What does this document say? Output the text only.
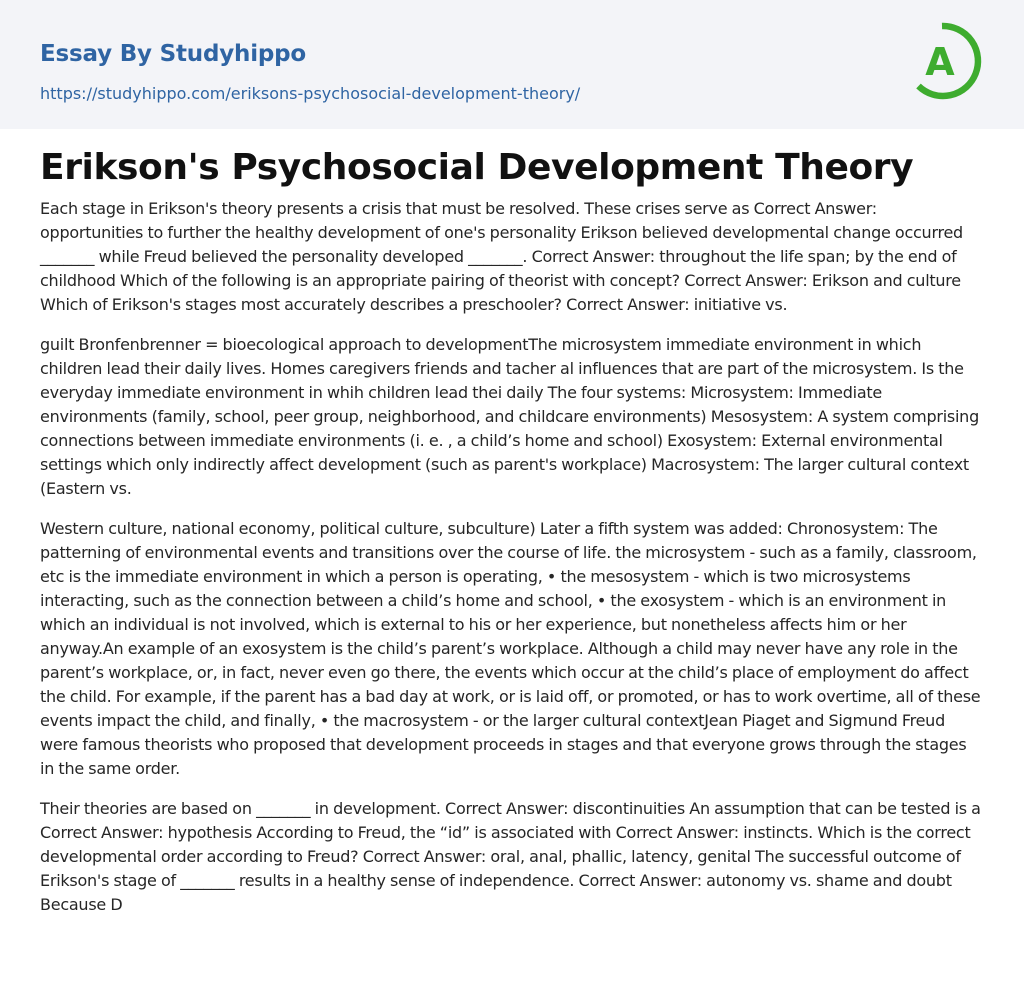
Essay By Studyhippo
https://studyhippo.com/eriksons-psychosocial-development-theory/
A
Erikson's Psychosocial Development Theory

Each stage in Erikson's theory presents a crisis that must be resolved. These crises serve as Correct Answer: opportunities to further the healthy development of one's personality Erikson believed developmental change occurred _______ while Freud believed the personality developed _______. Correct Answer: throughout the life span; by the end of childhood Which of the following is an appropriate pairing of theorist with concept? Correct Answer: Erikson and culture Which of Erikson's stages most accurately describes a preschooler? Correct Answer: initiative vs.

guilt Bronfenbrenner = bioecological approach to developmentThe microsystem immediate environment in which children lead their daily lives. Homes caregivers friends and tacher al influences that are part of the microsystem. Is the everyday immediate environment in whih children lead thei daily The four systems: Microsystem: Immediate environments (family, school, peer group, neighborhood, and childcare environments) Mesosystem: A system comprising connections between immediate environments (i. e. , a child’s home and school) Exosystem: External environmental settings which only indirectly affect development (such as parent's workplace) Macrosystem: The larger cultural context (Eastern vs.

Western culture, national economy, political culture, subculture) Later a fifth system was added: Chronosystem: The patterning of environmental events and transitions over the course of life. the microsystem - such as a family, classroom, etc is the immediate environment in which a person is operating, • the mesosystem - which is two microsystems interacting, such as the connection between a child’s home and school, • the exosystem - which is an environment in which an individual is not involved, which is external to his or her experience, but nonetheless affects him or her anyway.An example of an exosystem is the child’s parent’s workplace. Although a child may never have any role in the parent’s workplace, or, in fact, never even go there, the events which occur at the child’s place of employment do affect the child. For example, if the parent has a bad day at work, or is laid off, or promoted, or has to work overtime, all of these events impact the child, and finally, • the macrosystem - or the larger cultural contextJean Piaget and Sigmund Freud were famous theorists who proposed that development proceeds in stages and that everyone grows through the stages in the same order.

Their theories are based on _______ in development. Correct Answer: discontinuities An assumption that can be tested is a Correct Answer: hypothesis According to Freud, the “id” is associated with Correct Answer: instincts. Which is the correct developmental order according to Freud? Correct Answer: oral, anal, phallic, latency, genital The successful outcome of Erikson's stage of _______ results in a healthy sense of independence. Correct Answer: autonomy vs. shame and doubt Because D
